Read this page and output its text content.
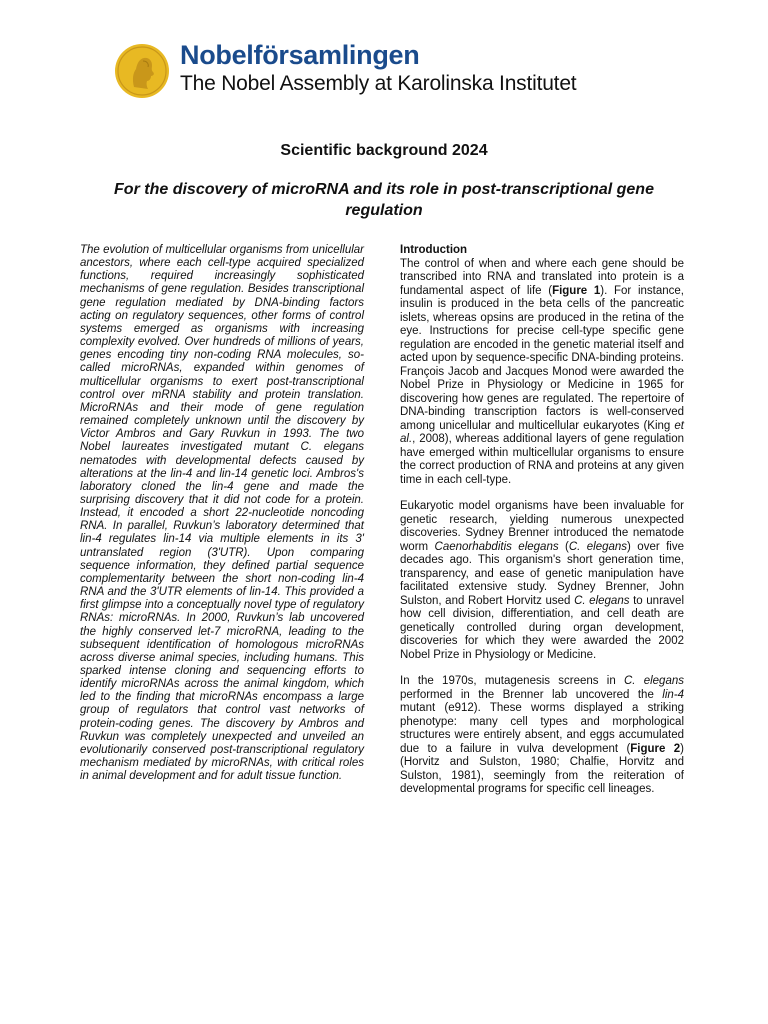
Nobelförsamlingen
The Nobel Assembly at Karolinska Institutet
Scientific background 2024
For the discovery of microRNA and its role in post-transcriptional gene regulation
The evolution of multicellular organisms from unicellular ancestors, where each cell-type acquired specialized functions, required increasingly sophisticated mechanisms of gene regulation. Besides transcriptional gene regulation mediated by DNA-binding factors acting on regulatory sequences, other forms of control systems emerged as organisms with increasing complexity evolved. Over hundreds of millions of years, genes encoding tiny non-coding RNA molecules, so-called microRNAs, expanded within genomes of multicellular organisms to exert post-transcriptional control over mRNA stability and protein translation. MicroRNAs and their mode of gene regulation remained completely unknown until the discovery by Victor Ambros and Gary Ruvkun in 1993. The two Nobel laureates investigated mutant C. elegans nematodes with developmental defects caused by alterations at the lin-4 and lin-14 genetic loci. Ambros's laboratory cloned the lin-4 gene and made the surprising discovery that it did not code for a protein. Instead, it encoded a short 22-nucleotide noncoding RNA. In parallel, Ruvkun’s laboratory determined that lin-4 regulates lin-14 via multiple elements in its 3' untranslated region (3'UTR). Upon comparing sequence information, they defined partial sequence complementarity between the short non-coding lin-4 RNA and the 3'UTR elements of lin-14. This provided a first glimpse into a conceptually novel type of regulatory RNAs: microRNAs. In 2000, Ruvkun’s lab uncovered the highly conserved let-7 microRNA, leading to the subsequent identification of homologous microRNAs across diverse animal species, including humans. This sparked intense cloning and sequencing efforts to identify microRNAs across the animal kingdom, which led to the finding that microRNAs encompass a large group of regulators that control vast networks of protein-coding genes. The discovery by Ambros and Ruvkun was completely unexpected and unveiled an evolutionarily conserved post-transcriptional regulatory mechanism mediated by microRNAs, with critical roles in animal development and for adult tissue function.

Introduction
The control of when and where each gene should be transcribed into RNA and translated into protein is a fundamental aspect of life (Figure 1). For instance, insulin is produced in the beta cells of the pancreatic islets, whereas opsins are produced in the retina of the eye. Instructions for precise cell-type specific gene regulation are encoded in the genetic material itself and acted upon by sequence-specific DNA-binding proteins. François Jacob and Jacques Monod were awarded the Nobel Prize in Physiology or Medicine in 1965 for discovering how genes are regulated. The repertoire of DNA-binding transcription factors is well-conserved among unicellular and multicellular eukaryotes (King et al., 2008), whereas additional layers of gene regulation have emerged within multicellular organisms to ensure the correct production of RNA and proteins at any given time in each cell-type.

Eukaryotic model organisms have been invaluable for genetic research, yielding numerous unexpected discoveries. Sydney Brenner introduced the nematode worm Caenorhabditis elegans (C. elegans) over five decades ago. This organism's short generation time, transparency, and ease of genetic manipulation have facilitated extensive study. Sydney Brenner, John Sulston, and Robert Horvitz used C. elegans to unravel how cell division, differentiation, and cell death are genetically controlled during organ development, discoveries for which they were awarded the 2002 Nobel Prize in Physiology or Medicine.

In the 1970s, mutagenesis screens in C. elegans performed in the Brenner lab uncovered the lin-4 mutant (e912). These worms displayed a striking phenotype: many cell types and morphological structures were entirely absent, and eggs accumulated due to a failure in vulva development (Figure 2) (Horvitz and Sulston, 1980; Chalfie, Horvitz and Sulston, 1981), seemingly from the reiteration of developmental programs for specific cell lineages.
